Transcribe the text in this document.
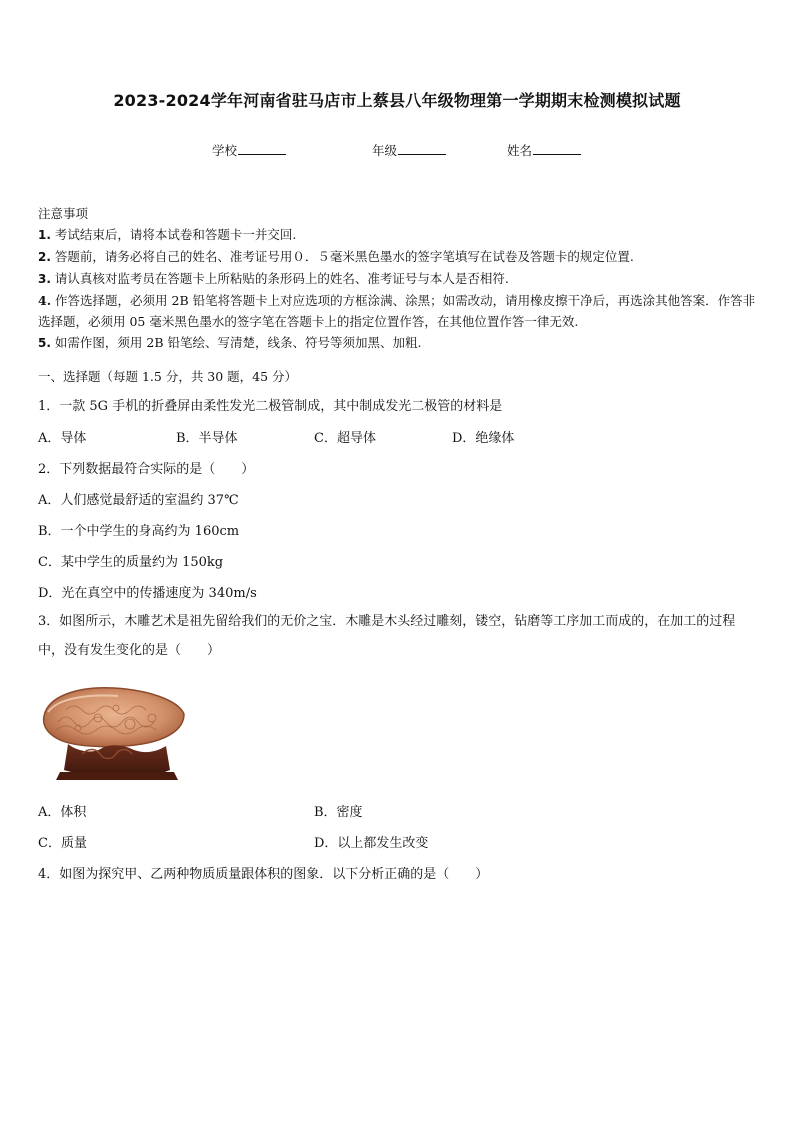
2023-2024学年河南省驻马店市上蔡县八年级物理第一学期期末检测模拟试题
学校	年级	姓名
注意事项
1. 考试结束后，请将本试卷和答题卡一并交回.
2. 答题前，请务必将自己的姓名、准考证号用０．５毫米黑色墨水的签字笔填写在试卷及答题卡的规定位置.
3. 请认真核对监考员在答题卡上所粘贴的条形码上的姓名、准考证号与本人是否相符.
4. 作答选择题，必须用 2B 铅笔将答题卡上对应选项的方框涂满、涂黑；如需改动，请用橡皮擦干净后，再选涂其他答案．作答非选择题，必须用 05 毫米黑色墨水的签字笔在答题卡上的指定位置作答，在其他位置作答一律无效.
5. 如需作图，须用 2B 铅笔绘、写清楚，线条、符号等须加黑、加粗.
一、选择题（每题 1.5 分，共 30 题，45 分）
1．一款 5G 手机的折叠屏由柔性发光二极管制成，其中制成发光二极管的材料是
A．导体	B．半导体	C．超导体	D．绝缘体
2．下列数据最符合实际的是（　　）
A．人们感觉最舒适的室温约 37℃
B．一个中学生的身高约为 160cm
C．某中学生的质量约为 150kg
D．光在真空中的传播速度为 340m/s
3．如图所示，木雕艺术是祖先留给我们的无价之宝．木雕是木头经过雕刻，镂空，钻磨等工序加工而成的，在加工的过程中，没有发生变化的是（　　）
A．体积	B．密度
C．质量	D．以上都发生改变
4．如图为探究甲、乙两种物质质量跟体积的图象．以下分析正确的是（　　）
